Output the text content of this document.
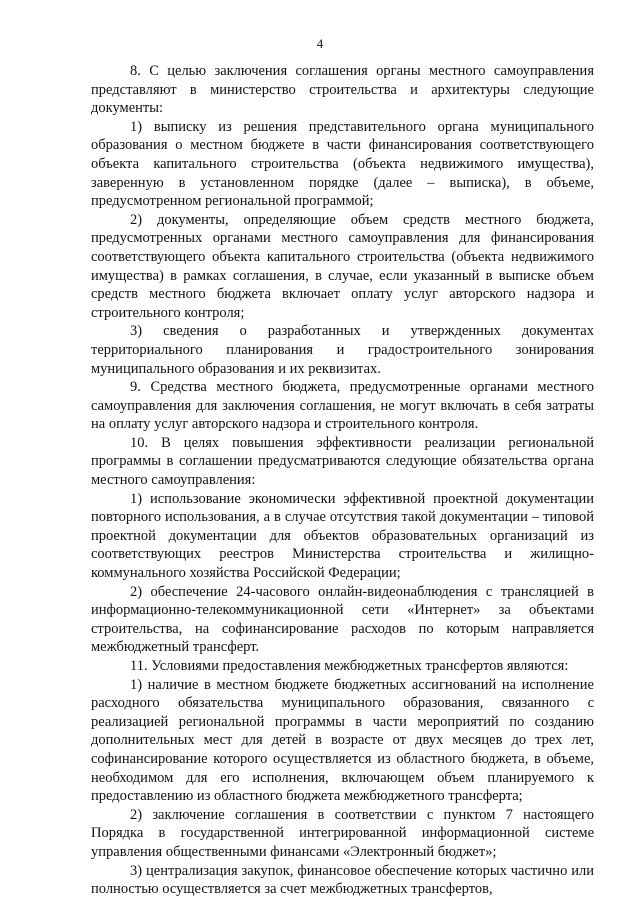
4

8. С целью заключения соглашения органы местного самоуправления представляют в министерство строительства и архитектуры следующие документы:

1) выписку из решения представительного органа муниципального образования о местном бюджете в части финансирования соответствующего объекта капитального строительства (объекта недвижимого имущества), заверенную в установленном порядке (далее – выписка), в объеме, предусмотренном региональной программой;

2) документы, определяющие объем средств местного бюджета, предусмотренных органами местного самоуправления для финансирования соответствующего объекта капитального строительства (объекта недвижимого имущества) в рамках соглашения, в случае, если указанный в выписке объем средств местного бюджета включает оплату услуг авторского надзора и строительного контроля;

3) сведения о разработанных и утвержденных документах территориального планирования и градостроительного зонирования муниципального образования и их реквизитах.

9. Средства местного бюджета, предусмотренные органами местного самоуправления для заключения соглашения, не могут включать в себя затраты на оплату услуг авторского надзора и строительного контроля.

10. В целях повышения эффективности реализации региональной программы в соглашении предусматриваются следующие обязательства органа местного самоуправления:

1) использование экономически эффективной проектной документации повторного использования, а в случае отсутствия такой документации – типовой проектной документации для объектов образовательных организаций из соответствующих реестров Министерства строительства и жилищно-коммунального хозяйства Российской Федерации;

2) обеспечение 24-часового онлайн-видеонаблюдения с трансляцией в информационно-телекоммуникационной сети «Интернет» за объектами строительства, на софинансирование расходов по которым направляется межбюджетный трансферт.

11. Условиями предоставления межбюджетных трансфертов являются:

1) наличие в местном бюджете бюджетных ассигнований на исполнение расходного обязательства муниципального образования, связанного с реализацией региональной программы в части мероприятий по созданию дополнительных мест для детей в возрасте от двух месяцев до трех лет, софинансирование которого осуществляется из областного бюджета, в объеме, необходимом для его исполнения, включающем объем планируемого к предоставлению из областного бюджета межбюджетного трансферта;

2) заключение соглашения в соответствии с пунктом 7 настоящего Порядка в государственной интегрированной информационной системе управления общественными финансами «Электронный бюджет»;

3) централизация закупок, финансовое обеспечение которых частично или полностью осуществляется за счет межбюджетных трансфертов,
